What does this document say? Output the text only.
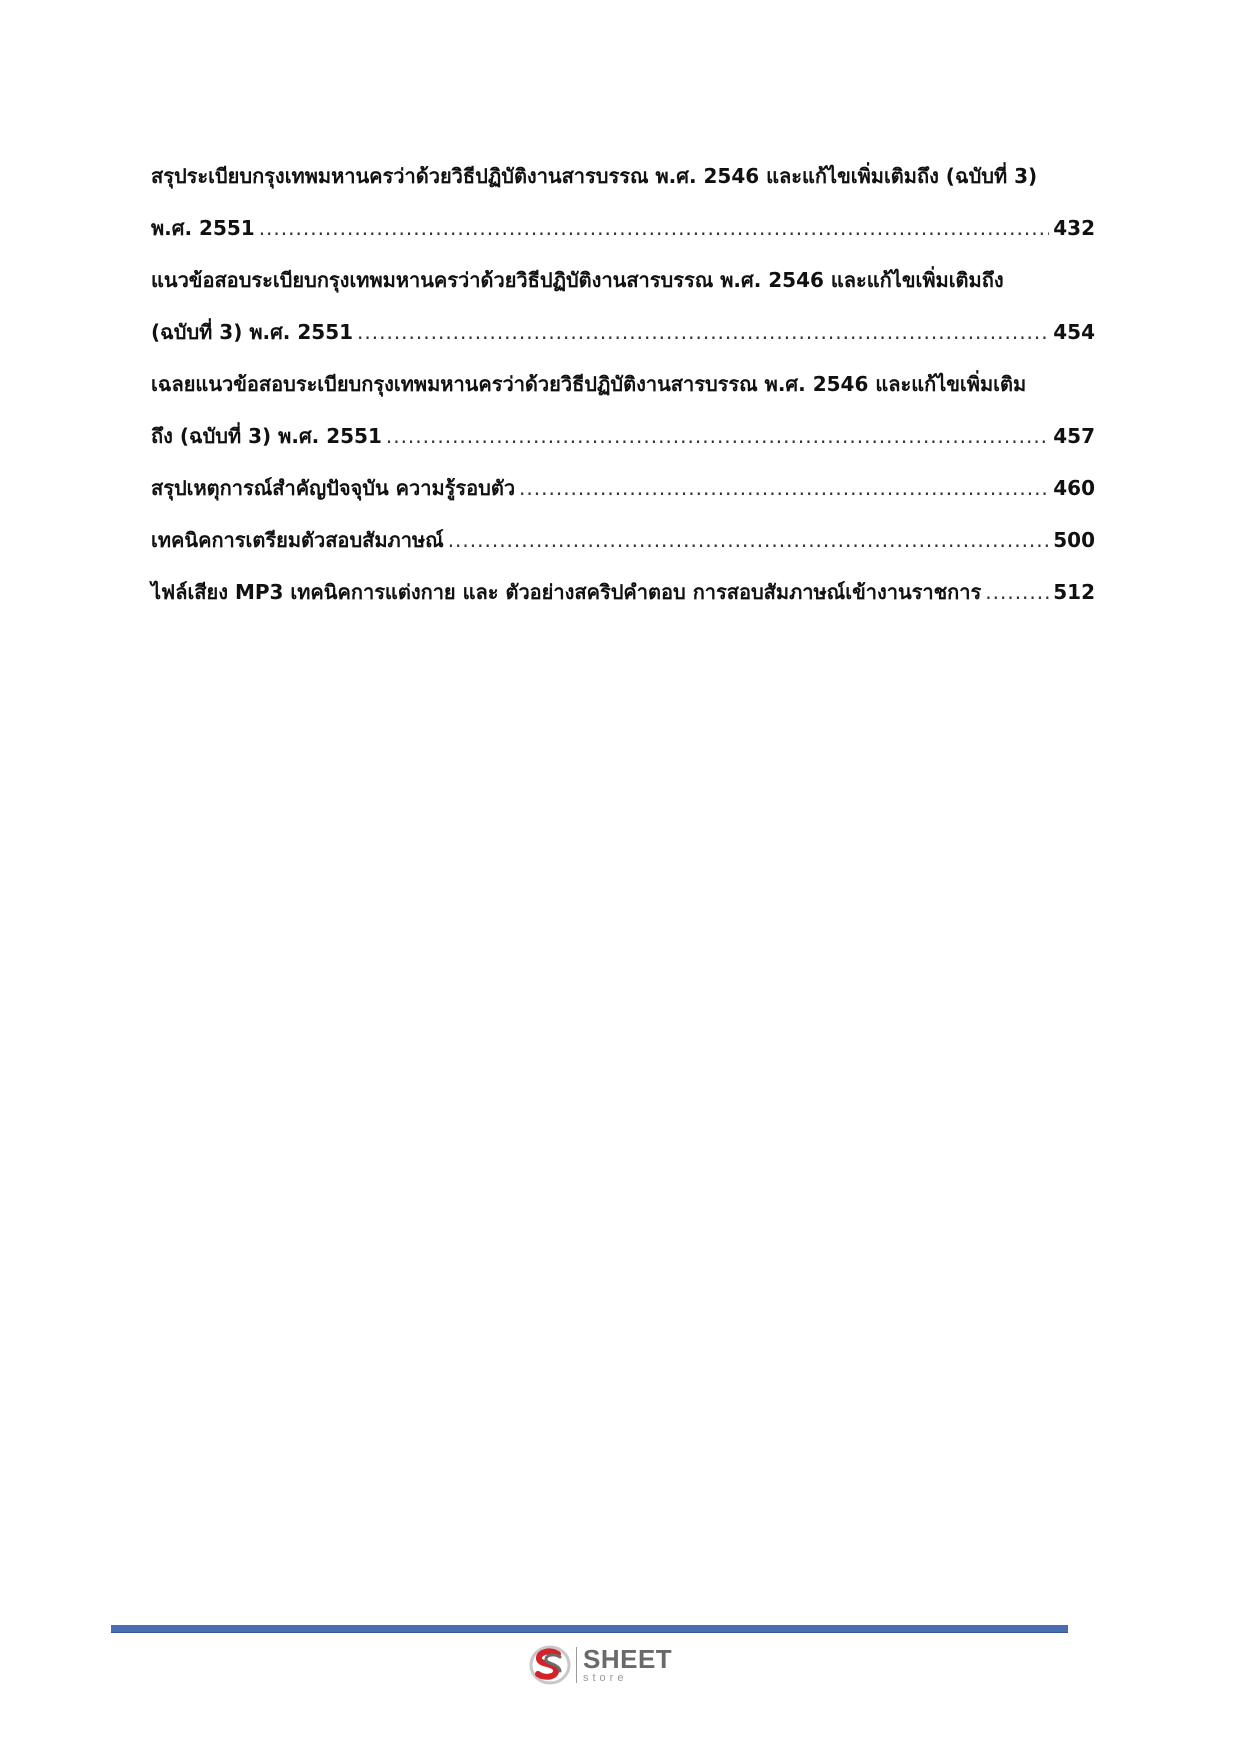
สรุประเบียบกรุงเทพมหานครว่าด้วยวิธีปฏิบัติงานสารบรรณ พ.ศ. 2546 และแก้ไขเพิ่มเติมถึง (ฉบับที่ 3)
พ.ศ. 2551 .....	432
แนวข้อสอบระเบียบกรุงเทพมหานครว่าด้วยวิธีปฏิบัติงานสารบรรณ พ.ศ. 2546 และแก้ไขเพิ่มเติมถึง
(ฉบับที่ 3) พ.ศ. 2551 .....	454
เฉลยแนวข้อสอบระเบียบกรุงเทพมหานครว่าด้วยวิธีปฏิบัติงานสารบรรณ พ.ศ. 2546 และแก้ไขเพิ่มเติม
ถึง (ฉบับที่ 3) พ.ศ. 2551 .....	457
สรุปเหตุการณ์สำคัญปัจจุบัน ความรู้รอบตัว .....	460
เทคนิคการเตรียมตัวสอบสัมภาษณ์ .....	500
ไฟล์เสียง MP3 เทคนิคการแต่งกาย และ ตัวอย่างสคริปคำตอบ การสอบสัมภาษณ์เข้างานราชการ .....	512
SHEET
store
